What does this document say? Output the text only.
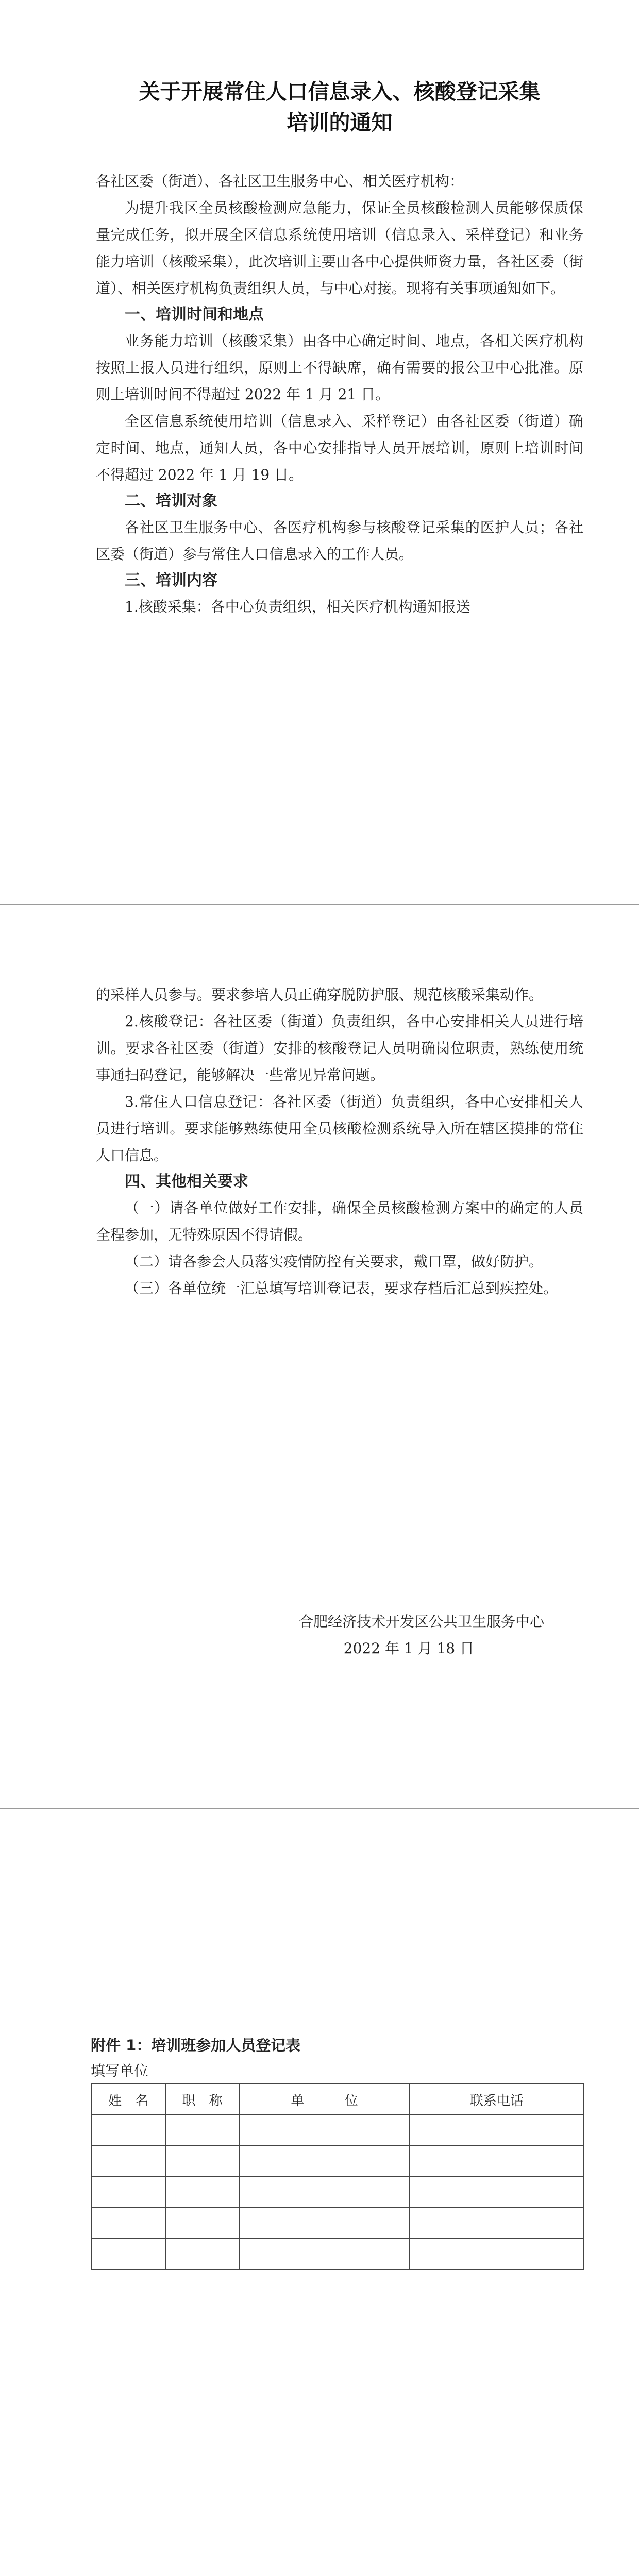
关于开展常住人口信息录入、核酸登记采集

培训的通知

各社区委（街道）、各社区卫生服务中心、相关医疗机构：

为提升我区全员核酸检测应急能力，保证全员核酸检测人员能够保质保量完成任务，拟开展全区信息系统使用培训（信息录入、采样登记）和业务能力培训（核酸采集），此次培训主要由各中心提供师资力量，各社区委（街道）、相关医疗机构负责组织人员，与中心对接。现将有关事项通知如下。

一、培训时间和地点

业务能力培训（核酸采集）由各中心确定时间、地点，各相关医疗机构按照上报人员进行组织，原则上不得缺席，确有需要的报公卫中心批准。原则上培训时间不得超过 2022 年 1 月 21 日。

全区信息系统使用培训（信息录入、采样登记）由各社区委（街道）确定时间、地点，通知人员，各中心安排指导人员开展培训，原则上培训时间不得超过 2022 年 1 月 19 日。

二、培训对象

各社区卫生服务中心、各医疗机构参与核酸登记采集的医护人员；各社区委（街道）参与常住人口信息录入的工作人员。

三、培训内容

1.核酸采集：各中心负责组织，相关医疗机构通知报送

的采样人员参与。要求参培人员正确穿脱防护服、规范核酸采集动作。

2.核酸登记：各社区委（街道）负责组织，各中心安排相关人员进行培训。要求各社区委（街道）安排的核酸登记人员明确岗位职责，熟练使用统事通扫码登记，能够解决一些常见异常问题。

3.常住人口信息登记：各社区委（街道）负责组织，各中心安排相关人员进行培训。要求能够熟练使用全员核酸检测系统导入所在辖区摸排的常住人口信息。

四、其他相关要求

（一）请各单位做好工作安排，确保全员核酸检测方案中的确定的人员全程参加，无特殊原因不得请假。

（二）请各参会人员落实疫情防控有关要求，戴口罩，做好防护。

（三）各单位统一汇总填写培训登记表，要求存档后汇总到疾控处。

合肥经济技术开发区公共卫生服务中心

2022 年 1 月 18 日

附件 1：培训班参加人员登记表

填写单位

姓　名	职　称	单　　　位	联系电话
